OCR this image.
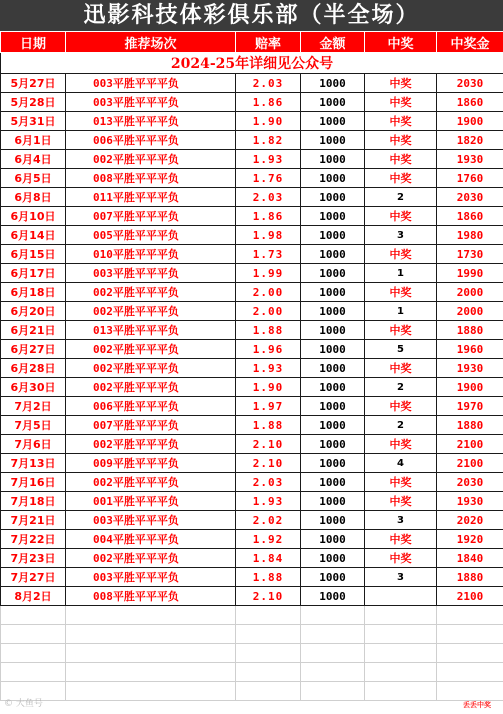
迅影科技体彩俱乐部（半全场）
日期	推荐场次	赔率	金额	中奖	中奖金
2024-25年详细见公众号					
5月27日	003平胜平平平负	2.03	1000	中奖	2030
5月28日	003平胜平平平负	1.86	1000	中奖	1860
5月31日	013平胜平平平负	1.90	1000	中奖	1900
6月1日	006平胜平平平负	1.82	1000	中奖	1820
6月4日	002平胜平平平负	1.93	1000	中奖	1930
6月5日	008平胜平平平负	1.76	1000	中奖	1760
6月8日	011平胜平平平负	2.03	1000	2	2030
6月10日	007平胜平平平负	1.86	1000	中奖	1860
6月14日	005平胜平平平负	1.98	1000	3	1980
6月15日	010平胜平平平负	1.73	1000	中奖	1730
6月17日	003平胜平平平负	1.99	1000	1	1990
6月18日	002平胜平平平负	2.00	1000	中奖	2000
6月20日	002平胜平平平负	2.00	1000	1	2000
6月21日	013平胜平平平负	1.88	1000	中奖	1880
6月27日	002平胜平平平负	1.96	1000	5	1960
6月28日	002平胜平平平负	1.93	1000	中奖	1930
6月30日	002平胜平平平负	1.90	1000	2	1900
7月2日	006平胜平平平负	1.97	1000	中奖	1970
7月5日	007平胜平平平负	1.88	1000	2	1880
7月6日	002平胜平平平负	2.10	1000	中奖	2100
7月13日	009平胜平平平负	2.10	1000	4	2100
7月16日	002平胜平平平负	2.03	1000	中奖	2030
7月18日	001平胜平平平负	1.93	1000	中奖	1930
7月21日	003平胜平平平负	2.02	1000	3	2020
7月22日	004平胜平平平负	1.92	1000	中奖	1920
7月23日	002平胜平平平负	1.84	1000	中奖	1840
7月27日	003平胜平平平负	1.88	1000	3	1880
8月2日	008平胜平平平负	2.10	1000		2100

© 大鱼号	丢丢中奖
